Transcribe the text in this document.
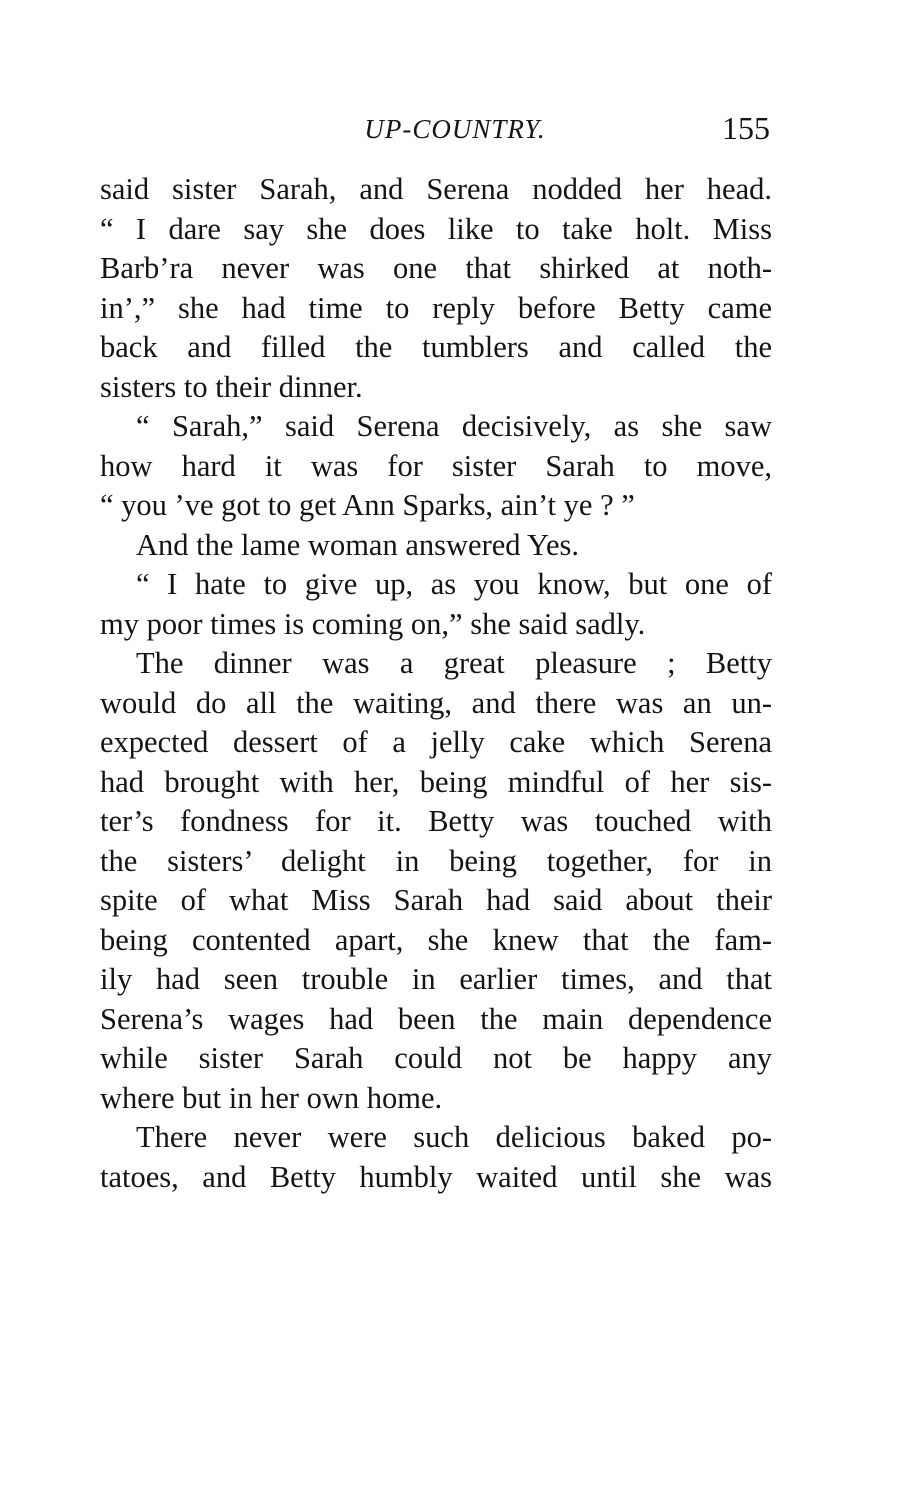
UP-COUNTRY.	155
said sister Sarah, and Serena nodded her head.
“ I dare say she does like to take holt. Miss
Barb’ra never was one that shirked at noth-
in’,” she had time to reply before Betty came
back and filled the tumblers and called the
sisters to their dinner.
“ Sarah,” said Serena decisively, as she saw
how hard it was for sister Sarah to move,
“ you ’ve got to get Ann Sparks, ain’t ye ? ”
And the lame woman answered Yes.
“ I hate to give up, as you know, but one of
my poor times is coming on,” she said sadly.
The dinner was a great pleasure ; Betty
would do all the waiting, and there was an un-
expected dessert of a jelly cake which Serena
had brought with her, being mindful of her sis-
ter’s fondness for it. Betty was touched with
the sisters’ delight in being together, for in
spite of what Miss Sarah had said about their
being contented apart, she knew that the fam-
ily had seen trouble in earlier times, and that
Serena’s wages had been the main dependence
while sister Sarah could not be happy any
where but in her own home.
There never were such delicious baked po-
tatoes, and Betty humbly waited until she was
